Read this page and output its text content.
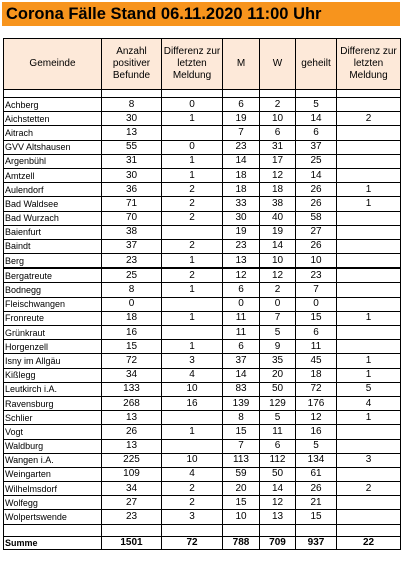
Corona Fälle Stand 06.11.2020 11:00 Uhr
Gemeinde	Anzahl positiver Befunde	Differenz zur letzten Meldung	M	W	geheilt	Differenz zur letzten Meldung

Achberg	8	0	6	2	5	
Aichstetten	30	1	19	10	14	2
Aitrach	13		7	6	6	
GVV Altshausen	55	0	23	31	37	
Argenbühl	31	1	14	17	25	
Amtzell	30	1	18	12	14	
Aulendorf	36	2	18	18	26	1
Bad Waldsee	71	2	33	38	26	1
Bad Wurzach	70	2	30	40	58	
Baienfurt	38		19	19	27	
Baindt	37	2	23	14	26	
Berg	23	1	13	10	10	
Bergatreute	25	2	12	12	23	
Bodnegg	8	1	6	2	7	
Fleischwangen	0		0	0	0	
Fronreute	18	1	11	7	15	1
Grünkraut	16		11	5	6	
Horgenzell	15	1	6	9	11	
Isny im Allgäu	72	3	37	35	45	1
Kißlegg	34	4	14	20	18	1
Leutkirch i.A.	133	10	83	50	72	5
Ravensburg	268	16	139	129	176	4
Schlier	13		8	5	12	1
Vogt	26	1	15	11	16	
Waldburg	13		7	6	5	
Wangen i.A.	225	10	113	112	134	3
Weingarten	109	4	59	50	61	
Wilhelmsdorf	34	2	20	14	26	2
Wolfegg	27	2	15	12	21	
Wolpertswende	23	3	10	13	15	

Summe	1501	72	788	709	937	22
